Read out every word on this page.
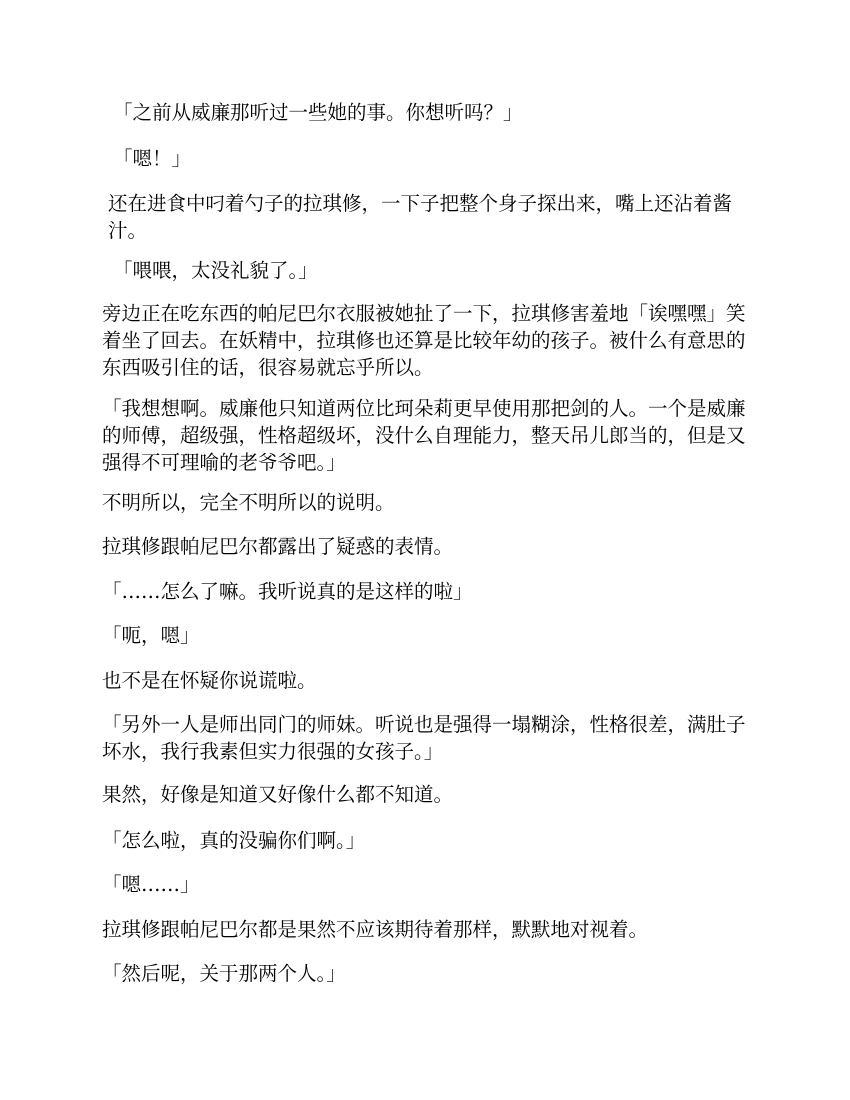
「之前从威廉那听过一些她的事。你想听吗？」

「嗯！」

还在进食中叼着勺子的拉琪修，一下子把整个身子探出来，嘴上还沾着酱汁。

「喂喂，太没礼貌了。」

旁边正在吃东西的帕尼巴尔衣服被她扯了一下，拉琪修害羞地「诶嘿嘿」笑着坐了回去。在妖精中，拉琪修也还算是比较年幼的孩子。被什么有意思的东西吸引住的话，很容易就忘乎所以。

「我想想啊。威廉他只知道两位比珂朵莉更早使用那把剑的人。一个是威廉的师傅，超级强，性格超级坏，没什么自理能力，整天吊儿郎当的，但是又强得不可理喻的老爷爷吧。」

不明所以，完全不明所以的说明。

拉琪修跟帕尼巴尔都露出了疑惑的表情。

「……怎么了嘛。我听说真的是这样的啦」

「呃，嗯」

也不是在怀疑你说谎啦。

「另外一人是师出同门的师妹。听说也是强得一塌糊涂，性格很差，满肚子坏水，我行我素但实力很强的女孩子。」

果然，好像是知道又好像什么都不知道。

「怎么啦，真的没骗你们啊。」

「嗯……」

拉琪修跟帕尼巴尔都是果然不应该期待着那样，默默地对视着。

「然后呢，关于那两个人。」
